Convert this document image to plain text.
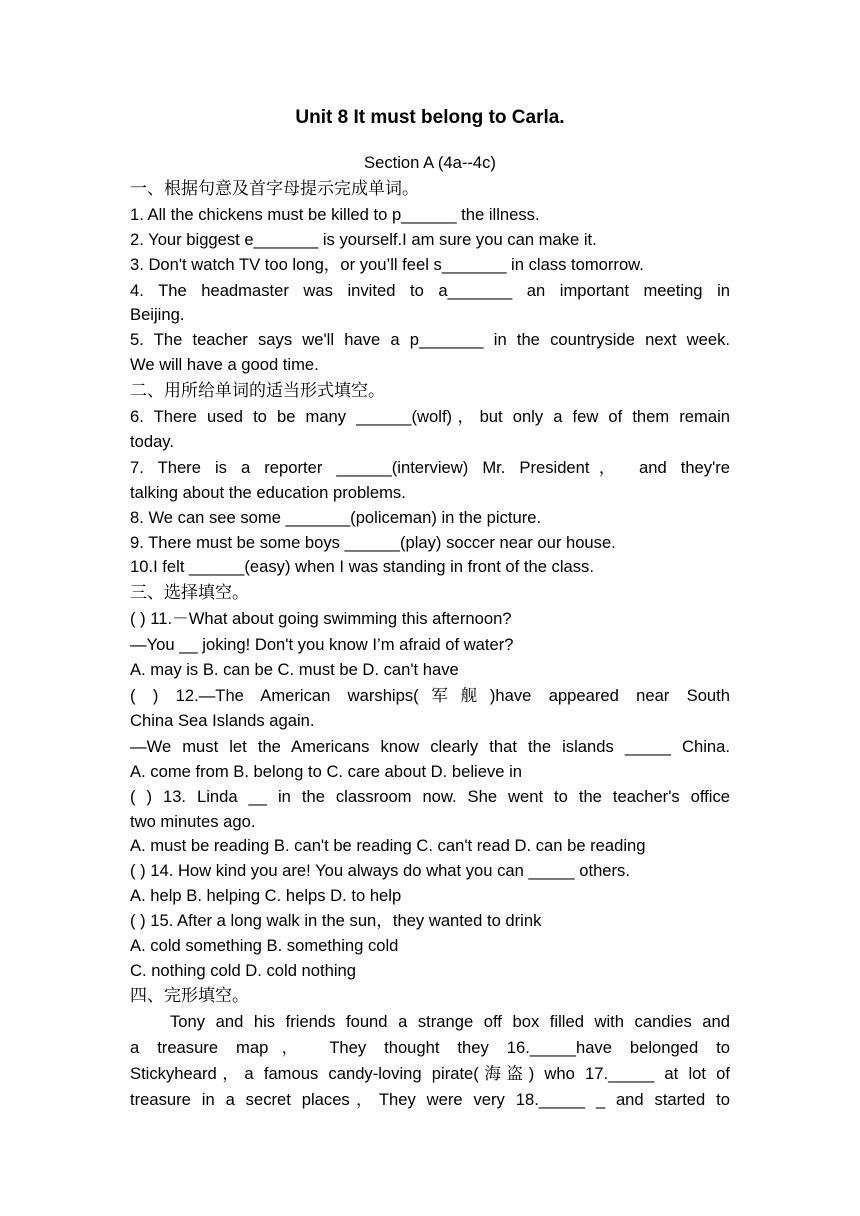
Unit 8 It must belong to Carla.
Section A (4a--4c)
一、根据句意及首字母提示完成单词。
1. All the chickens must be killed to p______ the illness.
2. Your biggest e_______ is yourself.I am sure you can make it.
3. Don't watch TV too long，or you’ll feel s_______ in class tomorrow.
4. The headmaster was invited to a_______ an important meeting in
Beijing.
5. The teacher says we'll have a p_______ in the countryside next week.
We will have a good time.
二、用所给单词的适当形式填空。
6. There used to be many ______(wolf)，but only a few of them remain
today.
7. There is a reporter ______(interview) Mr. President， and they're
talking about the education problems.
8. We can see some _______(policeman) in the picture.
9. There must be some boys ______(play) soccer near our house.
10.I felt ______(easy) when I was standing in front of the class.
三、选择填空。
( ) 11.－What about going swimming this afternoon?
—You __ joking! Don't you know I’m afraid of water?
A. may is B. can be C. must be D. can't have
( ) 12.—The American warships(军舰)have appeared near South
China Sea Islands again.
—We must let the Americans know clearly that the islands _____ China.
A. come from B. belong to C. care about D. believe in
( ) 13. Linda __ in the classroom now. She went to the teacher's office
two minutes ago.
A. must be reading B. can't be reading C. can't read D. can be reading
( ) 14. How kind you are! You always do what you can _____ others.
A. help B. helping C. helps D. to help
( ) 15. After a long walk in the sun，they wanted to drink
A. cold something B. something cold
C. nothing cold D. cold nothing
四、完形填空。
Tony and his friends found a strange off box filled with candies and
a treasure map， They thought they 16._____have belonged to
Stickyheard，a famous candy-loving pirate(海盗) who 17._____ at lot of
treasure in a secret places，They were very 18._____ _ and started to
